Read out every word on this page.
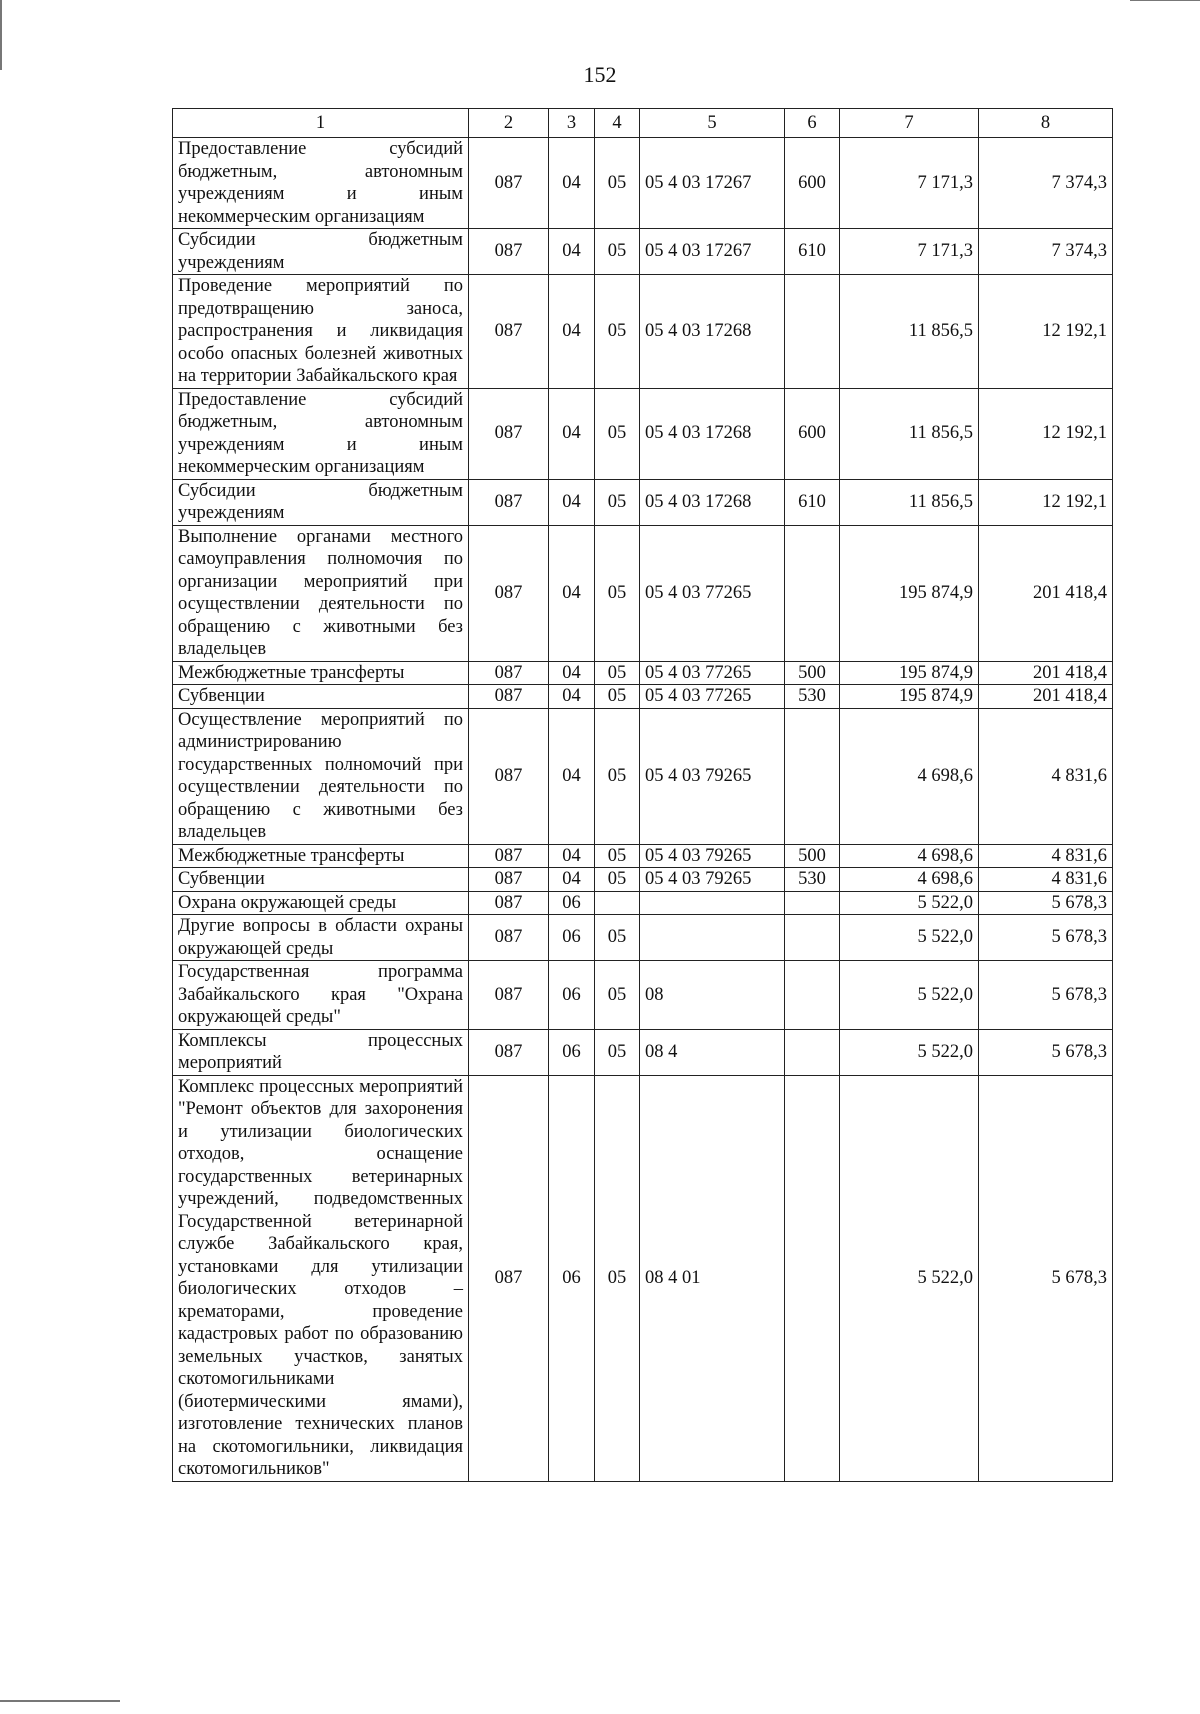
152
1	2	3	4	5	6	7	8
Предоставление субсидий бюджетным, автономным учреждениям и иным некоммерческим организациям	087	04	05	05 4 03 17267	600	7 171,3	7 374,3
Субсидии бюджетным учреждениям	087	04	05	05 4 03 17267	610	7 171,3	7 374,3
Проведение мероприятий по предотвращению заноса, распространения и ликвидация особо опасных болезней животных на территории Забайкальского края	087	04	05	05 4 03 17268		11 856,5	12 192,1
Предоставление субсидий бюджетным, автономным учреждениям и иным некоммерческим организациям	087	04	05	05 4 03 17268	600	11 856,5	12 192,1
Субсидии бюджетным учреждениям	087	04	05	05 4 03 17268	610	11 856,5	12 192,1
Выполнение органами местного самоуправления полномочия по организации мероприятий при осуществлении деятельности по обращению с животными без владельцев	087	04	05	05 4 03 77265		195 874,9	201 418,4
Межбюджетные трансферты	087	04	05	05 4 03 77265	500	195 874,9	201 418,4
Субвенции	087	04	05	05 4 03 77265	530	195 874,9	201 418,4
Осуществление мероприятий по администрированию государственных полномочий при осуществлении деятельности по обращению с животными без владельцев	087	04	05	05 4 03 79265		4 698,6	4 831,6
Межбюджетные трансферты	087	04	05	05 4 03 79265	500	4 698,6	4 831,6
Субвенции	087	04	05	05 4 03 79265	530	4 698,6	4 831,6
Охрана окружающей среды	087	06				5 522,0	5 678,3
Другие вопросы в области охраны окружающей среды	087	06	05			5 522,0	5 678,3
Государственная программа Забайкальского края "Охрана окружающей среды"	087	06	05	08		5 522,0	5 678,3
Комплексы процессных мероприятий	087	06	05	08 4		5 522,0	5 678,3
Комплекс процессных мероприятий "Ремонт объектов для захоронения и утилизации биологических отходов, оснащение государственных ветеринарных учреждений, подведомственных Государственной ветеринарной службе Забайкальского края, установками для утилизации биологических отходов – крематорами, проведение кадастровых работ по образованию земельных участков, занятых скотомогильниками (биотермическими ямами), изготовление технических планов на скотомогильники, ликвидация скотомогильников"	087	06	05	08 4 01		5 522,0	5 678,3
